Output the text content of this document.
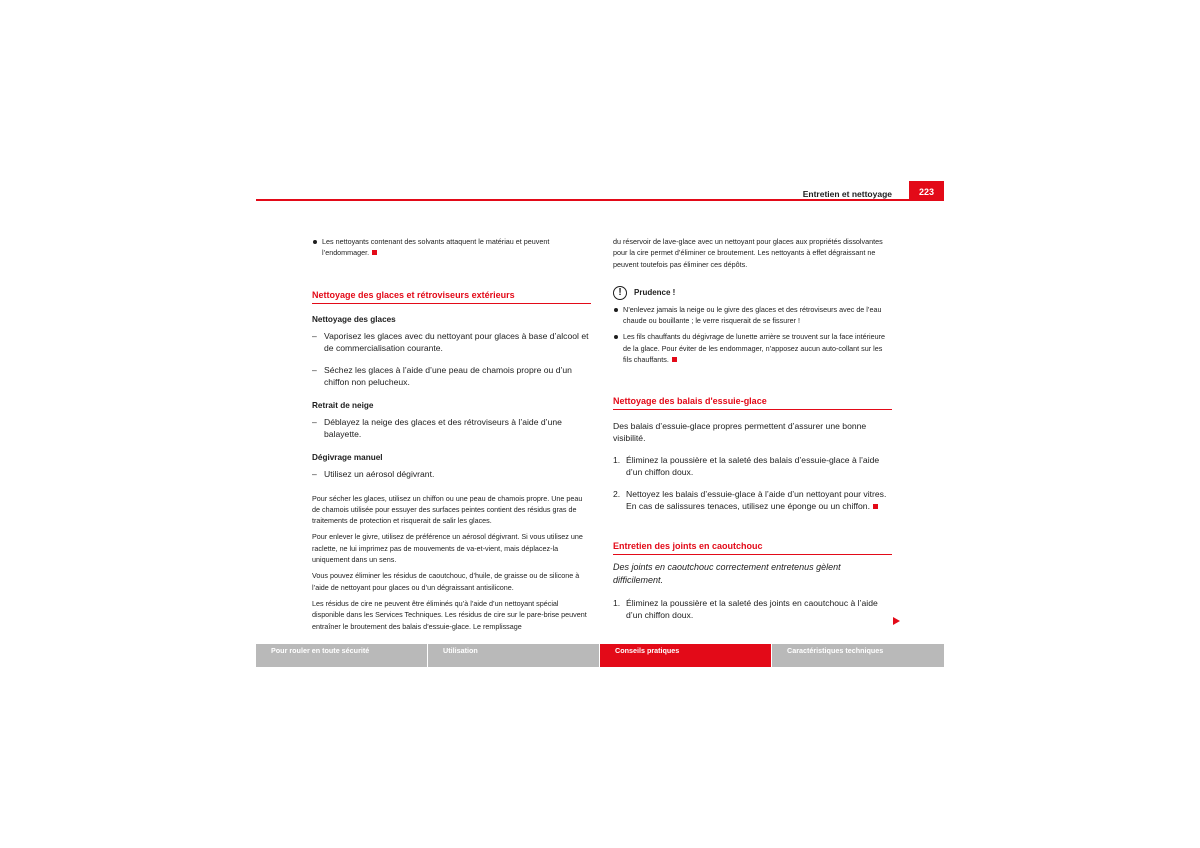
Entretien et nettoyage	223
Les nettoyants contenant des solvants attaquent le matériau et peuvent l’endommager.
Nettoyage des glaces et rétroviseurs extérieurs
Nettoyage des glaces
– Vaporisez les glaces avec du nettoyant pour glaces à base d’alcool et de commercialisation courante.
– Séchez les glaces à l’aide d’une peau de chamois propre ou d’un chiffon non pelucheux.
Retrait de neige
– Déblayez la neige des glaces et des rétroviseurs à l’aide d’une balayette.
Dégivrage manuel
– Utilisez un aérosol dégivrant.

Pour sécher les glaces, utilisez un chiffon ou une peau de chamois propre. Une peau de chamois utilisée pour essuyer des surfaces peintes contient des résidus gras de traitements de protection et risquerait de salir les glaces.

Pour enlever le givre, utilisez de préférence un aérosol dégivrant. Si vous utilisez une raclette, ne lui imprimez pas de mouvements de va-et-vient, mais déplacez-la uniquement dans un sens.

Vous pouvez éliminer les résidus de caoutchouc, d’huile, de graisse ou de silicone à l’aide de nettoyant pour glaces ou d’un dégraissant antisilicone.

Les résidus de cire ne peuvent être éliminés qu’à l’aide d’un nettoyant spécial disponible dans les Services Techniques. Les résidus de cire sur le pare-brise peuvent entraîner le broutement des balais d’essuie-glace. Le remplissage

du réservoir de lave-glace avec un nettoyant pour glaces aux propriétés dissolvantes pour la cire permet d’éliminer ce broutement. Les nettoyants à effet dégraissant ne peuvent toutefois pas éliminer ces dépôts.

!	Prudence !
N’enlevez jamais la neige ou le givre des glaces et des rétroviseurs avec de l’eau chaude ou bouillante ; le verre risquerait de se fissurer !
Les fils chauffants du dégivrage de lunette arrière se trouvent sur la face intérieure de la glace. Pour éviter de les endommager, n’apposez aucun auto-collant sur les fils chauffants.
Nettoyage des balais d'essuie-glace

Des balais d’essuie-glace propres permettent d’assurer une bonne visibilité.

1. Éliminez la poussière et la saleté des balais d’essuie-glace à l’aide d’un chiffon doux.
2. Nettoyez les balais d’essuie-glace à l’aide d’un nettoyant pour vitres. En cas de salissures tenaces, utilisez une éponge ou un chiffon.
Entretien des joints en caoutchouc

Des joints en caoutchouc correctement entretenus gèlent difficilement.

1. Éliminez la poussière et la saleté des joints en caoutchouc à l’aide d’un chiffon doux.
Pour rouler en toute sécurité	Utilisation	Conseils pratiques	Caractéristiques techniques
